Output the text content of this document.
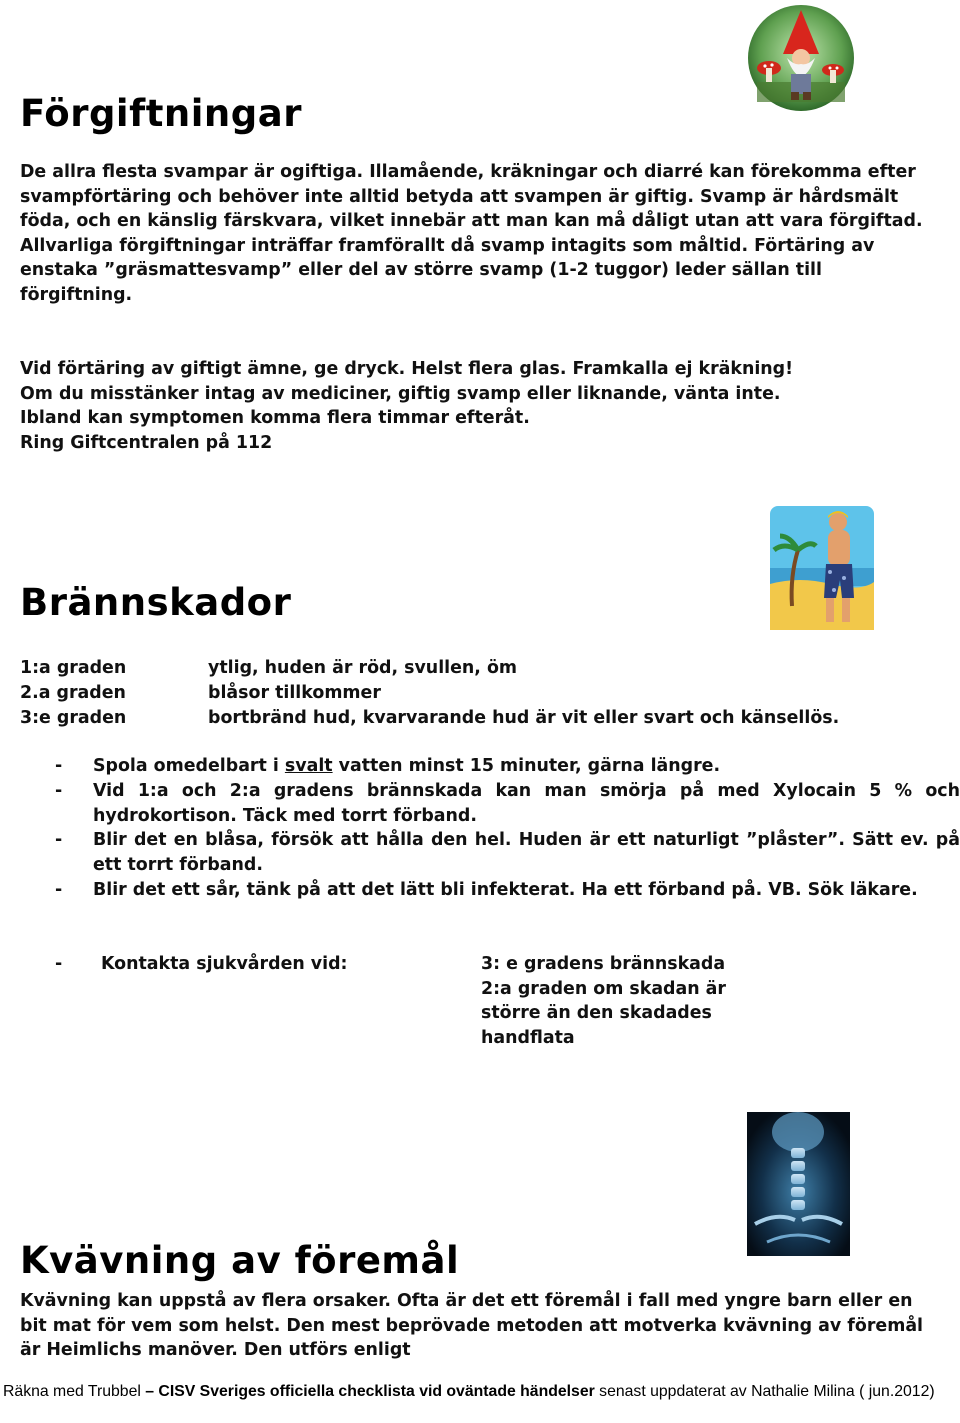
Förgiftningar

De allra flesta svampar är ogiftiga. Illamående, kräkningar och diarré kan förekomma efter svampförtäring och behöver inte alltid betyda att svampen är giftig. Svamp är hårdsmält föda, och en känslig färskvara, vilket innebär att man kan må dåligt utan att vara förgiftad. Allvarliga förgiftningar inträffar framförallt då svamp intagits som måltid. Förtäring av enstaka ”gräsmattesvamp” eller del av större svamp (1-2 tuggor) leder sällan till förgiftning.

Vid förtäring av giftigt ämne, ge dryck. Helst flera glas. Framkalla ej kräkning!

Om du misstänker intag av mediciner, giftig svamp eller liknande, vänta inte.

Ibland kan symptomen komma flera timmar efteråt.

Ring Giftcentralen på 112

Brännskador
1:a graden	ytlig, huden är röd, svullen, öm
2.a graden	blåsor tillkommer
3:e graden	bortbränd hud, kvarvarande hud är vit eller svart och känsellös.
-	Spola omedelbart i svalt vatten minst 15 minuter, gärna längre.
-	Vid 1:a och 2:a gradens brännskada kan man smörja på med Xylocain 5 % och hydrokortison. Täck med torrt förband.
-	Blir det en blåsa, försök att hålla den hel. Huden är ett naturligt ”plåster”. Sätt ev. på ett torrt förband.
-	Blir det ett sår, tänk på att det lätt bli infekterat. Ha ett förband på. VB. Sök läkare.
- Kontakta sjukvården vid:	3: e gradens brännskada
2:a graden om skadan är större än den skadades handflata
Kvävning av föremål

Kvävning kan uppstå av flera orsaker. Ofta är det ett föremål i fall med yngre barn eller en bit mat för vem som helst. Den mest beprövade metoden att motverka kvävning av föremål är Heimlichs manöver. Den utförs enligt

Räkna med Trubbel – CISV Sveriges officiella checklista vid oväntade händelser senast uppdaterat av Nathalie Milina ( jun.2012)
